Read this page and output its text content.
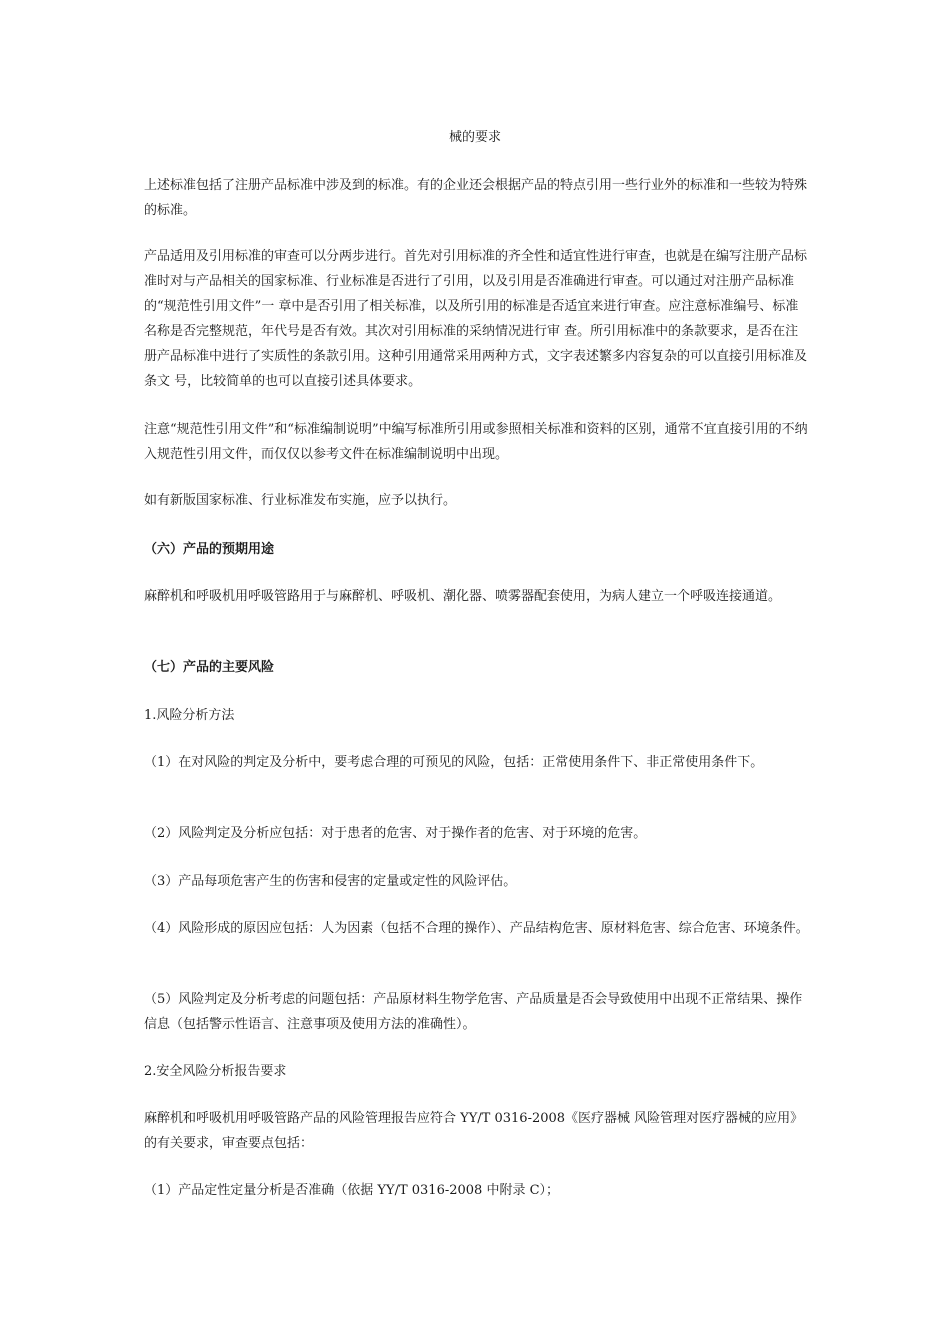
械的要求

上述标准包括了注册产品标准中涉及到的标准。有的企业还会根据产品的特点引用一些行业外的标准和一些较为特殊的标准。

产品适用及引用标准的审查可以分两步进行。首先对引用标准的齐全性和适宜性进行审查，也就是在编写注册产品标准时对与产品相关的国家标准、行业标准是否进行了引用，以及引用是否准确进行审查。可以通过对注册产品标准的“规范性引用文件”一 章中是否引用了相关标准，以及所引用的标准是否适宜来进行审查。应注意标准编号、标准名称是否完整规范，年代号是否有效。其次对引用标准的采纳情况进行审 查。所引用标准中的条款要求，是否在注册产品标准中进行了实质性的条款引用。这种引用通常采用两种方式，文字表述繁多内容复杂的可以直接引用标准及条文 号，比较简单的也可以直接引述具体要求。

注意“规范性引用文件”和“标准编制说明”中编写标准所引用或参照相关标准和资料的区别，通常不宜直接引用的不纳入规范性引用文件，而仅仅以参考文件在标准编制说明中出现。

如有新版国家标准、行业标准发布实施，应予以执行。

（六）产品的预期用途

麻醉机和呼吸机用呼吸管路用于与麻醉机、呼吸机、潮化器、喷雾器配套使用，为病人建立一个呼吸连接通道。

（七）产品的主要风险

1.风险分析方法

（1）在对风险的判定及分析中，要考虑合理的可预见的风险，包括：正常使用条件下、非正常使用条件下。

（2）风险判定及分析应包括：对于患者的危害、对于操作者的危害、对于环境的危害。

（3）产品每项危害产生的伤害和侵害的定量或定性的风险评估。

（4）风险形成的原因应包括：人为因素（包括不合理的操作）、产品结构危害、原材料危害、综合危害、环境条件。

（5）风险判定及分析考虑的问题包括：产品原材料生物学危害、产品质量是否会导致使用中出现不正常结果、操作信息（包括警示性语言、注意事项及使用方法的准确性）。

2.安全风险分析报告要求

麻醉机和呼吸机用呼吸管路产品的风险管理报告应符合 YY/T 0316-2008《医疗器械 风险管理对医疗器械的应用》的有关要求，审查要点包括：

（1）产品定性定量分析是否准确（依据 YY/T 0316-2008 中附录 C）；
